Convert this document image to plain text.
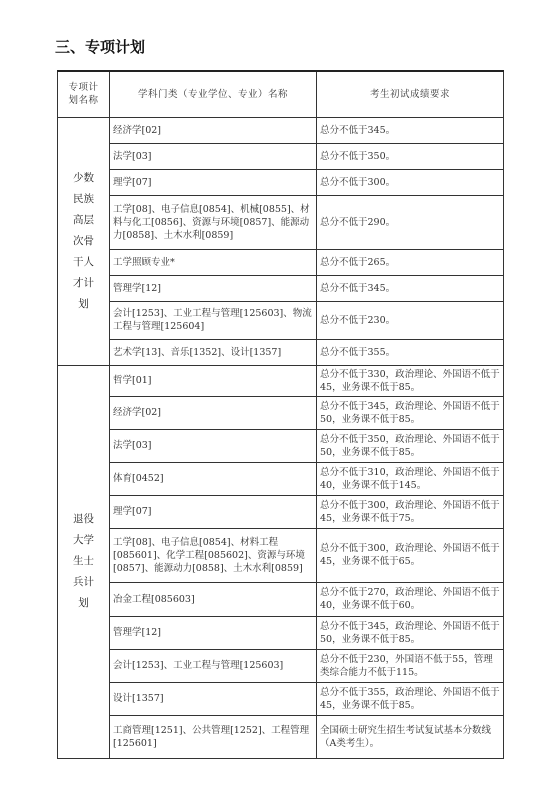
三、专项计划
专项计划名称	学科门类（专业学位、专业）名称	考生初试成绩要求
少数民族高层次骨干人才计划	经济学[02]	总分不低于345。
	法学[03]	总分不低于350。
	理学[07]	总分不低于300。
	工学[08]、电子信息[0854]、机械[0855]、材料与化工[0856]、资源与环境[0857]、能源动力[0858]、土木水利[0859]	总分不低于290。
	工学照顾专业*	总分不低于265。
	管理学[12]	总分不低于345。
	会计[1253]、工业工程与管理[125603]、物流工程与管理[125604]	总分不低于230。
	艺术学[13]、音乐[1352]、设计[1357]	总分不低于355。
退役大学生士兵计划	哲学[01]	总分不低于330，政治理论、外国语不低于45，业务课不低于85。
	经济学[02]	总分不低于345，政治理论、外国语不低于50，业务课不低于85。
	法学[03]	总分不低于350，政治理论、外国语不低于50，业务课不低于85。
	体育[0452]	总分不低于310，政治理论、外国语不低于40，业务课不低于145。
	理学[07]	总分不低于300，政治理论、外国语不低于45，业务课不低于75。
	工学[08]、电子信息[0854]、材料工程[085601]、化学工程[085602]、资源与环境[0857]、能源动力[0858]、土木水利[0859]	总分不低于300，政治理论、外国语不低于45，业务课不低于65。
	冶金工程[085603]	总分不低于270，政治理论、外国语不低于40，业务课不低于60。
	管理学[12]	总分不低于345，政治理论、外国语不低于50，业务课不低于85。
	会计[1253]、工业工程与管理[125603]	总分不低于230，外国语不低于55，管理类综合能力不低于115。
	设计[1357]	总分不低于355，政治理论、外国语不低于45，业务课不低于85。
	工商管理[1251]、公共管理[1252]、工程管理[125601]	全国硕士研究生招生考试复试基本分数线（A类考生）。
